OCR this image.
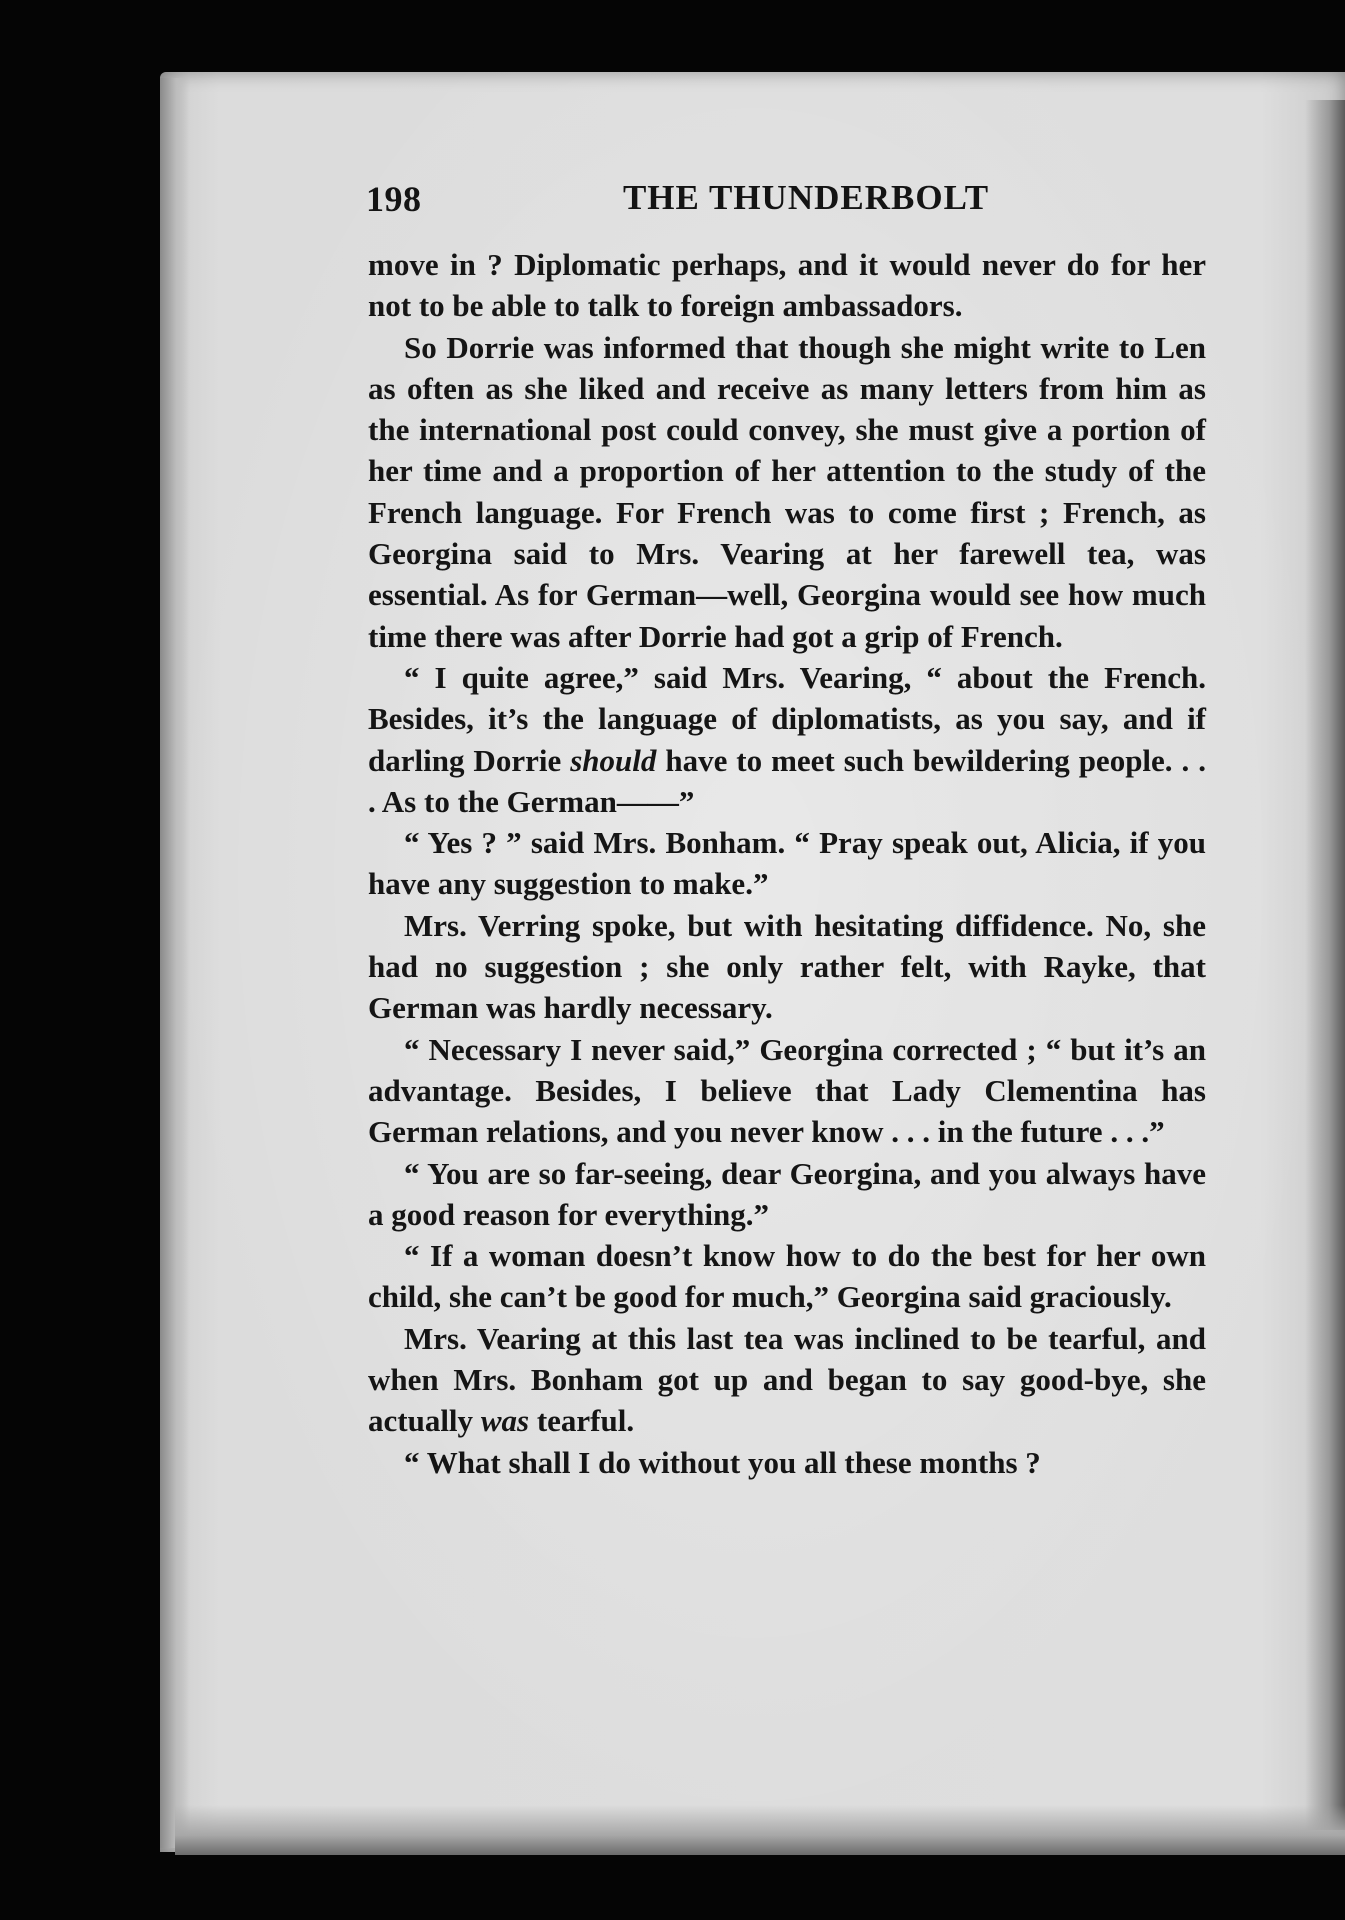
198	THE THUNDERBOLT

move in ? Diplomatic perhaps, and it would never do for her not to be able to talk to foreign ambassadors.

So Dorrie was informed that though she might write to Len as often as she liked and receive as many letters from him as the international post could convey, she must give a portion of her time and a proportion of her attention to the study of the French language. For French was to come first ; French, as Georgina said to Mrs. Vearing at her farewell tea, was essential. As for German—well, Georgina would see how much time there was after Dorrie had got a grip of French.

“ I quite agree,” said Mrs. Vearing, “ about the French. Besides, it’s the language of diplomatists, as you say, and if darling Dorrie should have to meet such bewildering people. . . . As to the German——”

“ Yes ? ” said Mrs. Bonham. “ Pray speak out, Alicia, if you have any suggestion to make.”

Mrs. Verring spoke, but with hesitating diffidence. No, she had no suggestion ; she only rather felt, with Rayke, that German was hardly necessary.

“ Necessary I never said,” Georgina corrected ; “ but it’s an advantage. Besides, I believe that Lady Clementina has German relations, and you never know . . . in the future . . .”

“ You are so far-seeing, dear Georgina, and you always have a good reason for everything.”

“ If a woman doesn’t know how to do the best for her own child, she can’t be good for much,” Georgina said graciously.

Mrs. Vearing at this last tea was inclined to be tearful, and when Mrs. Bonham got up and began to say good-bye, she actually was tearful.

“ What shall I do without you all these months ?
